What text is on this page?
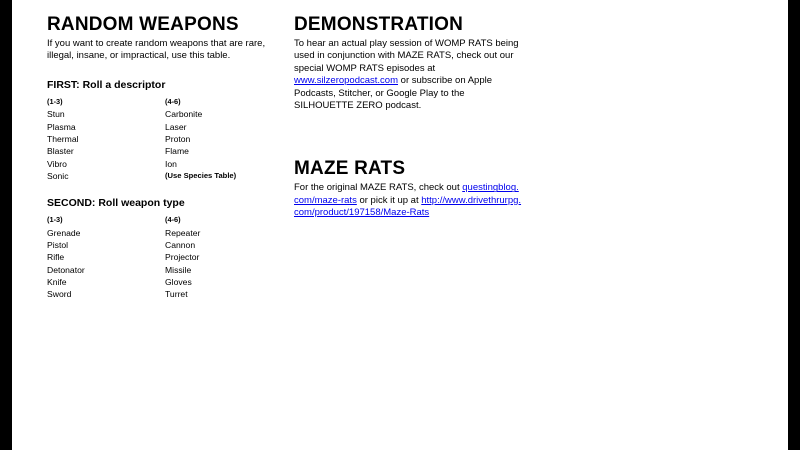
RANDOM WEAPONS

If you want to create random weapons that are rare, illegal, insane, or impractical, use this table.

FIRST: Roll a descriptor
(1-3)	(4-6)
Stun	Carbonite
Plasma	Laser
Thermal	Proton
Blaster	Flame
Vibro	Ion
Sonic	(Use Species Table)
SECOND: Roll weapon type
(1-3)	(4-6)
Grenade	Repeater
Pistol	Cannon
Rifle	Projector
Detonator	Missile
Knife	Gloves
Sword	Turret
DEMONSTRATION

To hear an actual play session of WOMP RATS being used in conjunction with MAZE RATS, check out our special WOMP RATS episodes at www.silzeropodcast.com or subscribe on Apple Podcasts, Stitcher, or Google Play to the SILHOUETTE ZERO podcast.

MAZE RATS

For the original MAZE RATS, check out questingblog.com/maze-rats or pick it up at http://www.drivethrurpg.com/product/197158/Maze-Rats
